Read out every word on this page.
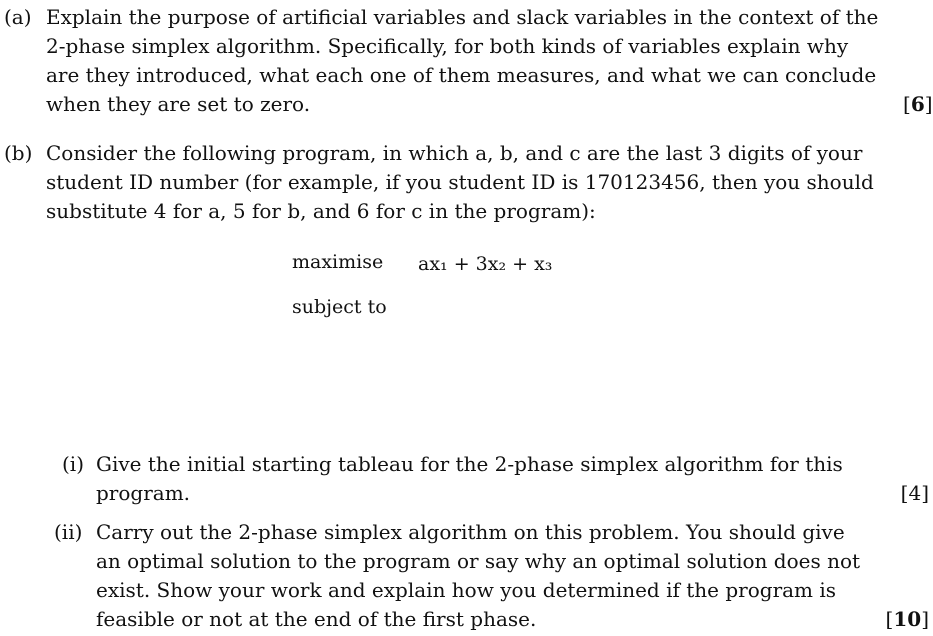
(a) Explain the purpose of artificial variables and slack variables in the context of the
2-phase simplex algorithm. Specifically, for both kinds of variables explain why
are they introduced, what each one of them measures, and what we can conclude
when they are set to zero.	[6]
(b) Consider the following program, in which a, b, and c are the last 3 digits of your
student ID number (for example, if you student ID is 170123456, then you should
substitute 4 for a, 5 for b, and 6 for c in the program):
maximise ax₁ + 3x₂ + x₃
subject to
(i) Give the initial starting tableau for the 2-phase simplex algorithm for this
program.	[4]
(ii) Carry out the 2-phase simplex algorithm on this problem. You should give
an optimal solution to the program or say why an optimal solution does not
exist. Show your work and explain how you determined if the program is
feasible or not at the end of the first phase.	[10]
